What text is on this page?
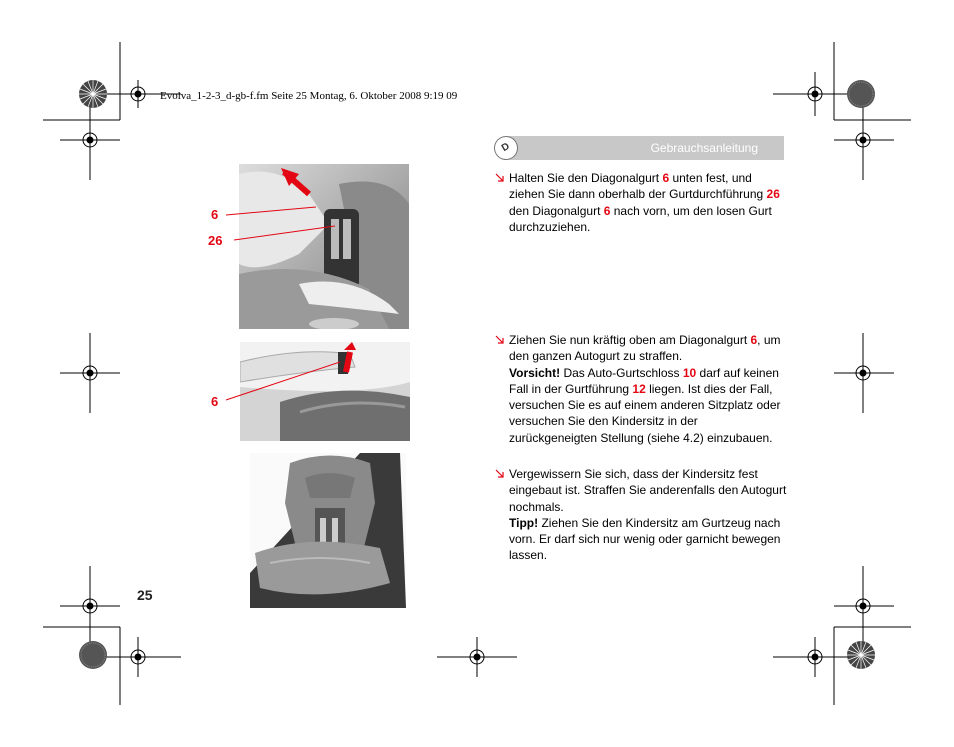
Evolva_1-2-3_d-gb-f.fm Seite 25 Montag, 6. Oktober 2008 9:19 09
D	Gebrauchsanleitung
6
26
6
Halten Sie den Diagonalgurt 6 unten fest, und ziehen Sie dann oberhalb der Gurtdurchführung 26 den Diagonalgurt 6 nach vorn, um den losen Gurt durchzuziehen.
Ziehen Sie nun kräftig oben am Diagonalgurt 6, um den ganzen Autogurt zu straffen.
Vorsicht! Das Auto-Gurtschloss 10 darf auf keinen Fall in der Gurtführung 12 liegen. Ist dies der Fall, versuchen Sie es auf einem anderen Sitzplatz oder versuchen Sie den Kindersitz in der zurückgeneigten Stellung (siehe 4.2) einzubauen.
Vergewissern Sie sich, dass der Kindersitz fest eingebaut ist. Straffen Sie anderenfalls den Autogurt nochmals.
Tipp! Ziehen Sie den Kindersitz am Gurtzeug nach vorn. Er darf sich nur wenig oder garnicht bewegen lassen.
25
